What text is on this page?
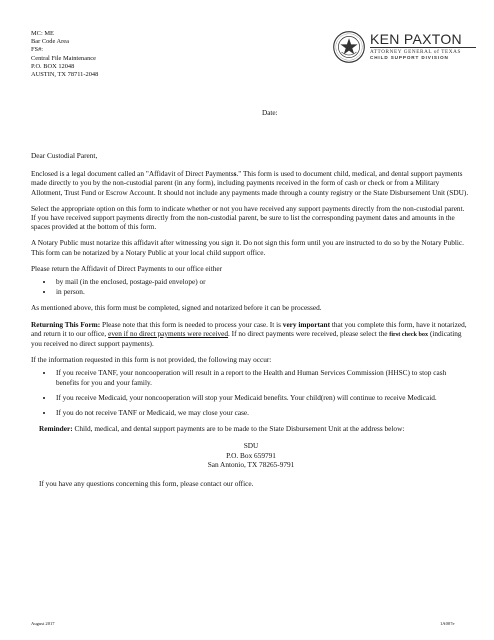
MC: ME
Bar Code Area
FS#:
Central File Maintenance
P.O. BOX 12048
AUSTIN, TX 78711-2048
KEN PAXTON
ATTORNEY GENERAL of TEXAS
CHILD SUPPORT DIVISION
Date:

Dear Custodial Parent,

Enclosed is a legal document called an "Affidavit of Direct Paymentss." This form is used to document child, medical, and dental support payments made directly to you by the non-custodial parent (in any form), including payments received in the form of cash or check or from a Military Allotment, Trust Fund or Escrow Account. It should not include any payments made through a county registry or the State Disbursement Unit (SDU).

Select the appropriate option on this form to indicate whether or not you have received any support payments directly from the non-custodial parent. If you have received support payments directly from the non-custodial parent, be sure to list the corresponding payment dates and amounts in the spaces provided at the bottom of this form.

A Notary Public must notarize this affidavit after witnessing you sign it. Do not sign this form until you are instructed to do so by the Notary Public. This form can be notarized by a Notary Public at your local child support office.

Please return the Affidavit of Direct Payments to our office either

• by mail (in the enclosed, postage-paid envelope) or
• in person.

As mentioned above, this form must be completed, signed and notarized before it can be processed.

Returning This Form: Please note that this form is needed to process your case. It is very important that you complete this form, have it notarized, and return it to our office, even if no direct payments were received. If no direct payments were received, please select the first check box (indicating you received no direct support payments).

If the information requested in this form is not provided, the following may occur:

• If you receive TANF, your noncooperation will result in a report to the Health and Human Services Commission (HHSC) to stop cash benefits for you and your family.
• If you receive Medicaid, your noncooperation will stop your Medicaid benefits. Your child(ren) will continue to receive Medicaid.
• If you do not receive TANF or Medicaid, we may close your case.

Reminder: Child, medical, and dental support payments are to be made to the State Disbursement Unit at the address below:

SDU
P.O. Box 659791
San Antonio, TX 78265-9791

If you have any questions concerning this form, please contact our office.

August 2017	1A007e
